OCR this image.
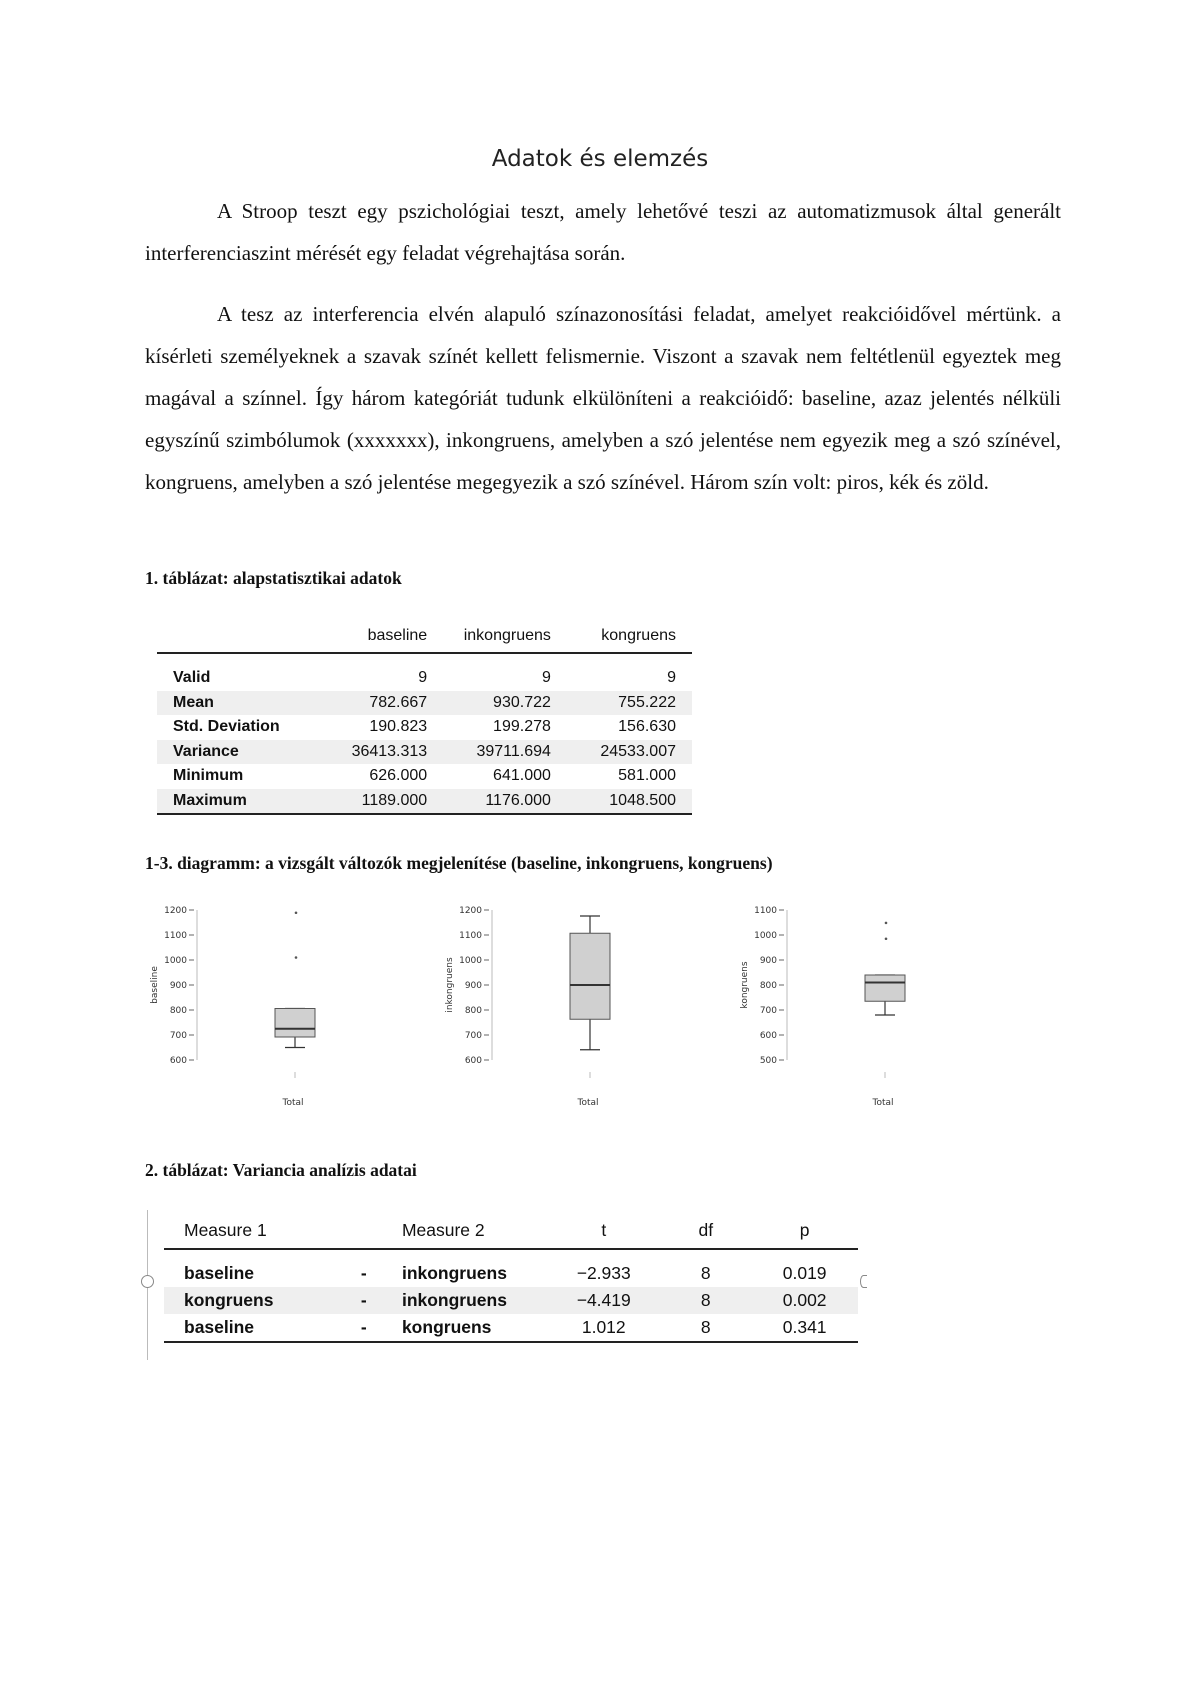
Adatok és elemzés

A Stroop teszt egy pszichológiai teszt, amely lehetővé teszi az automatizmusok által generált interferenciaszint mérését egy feladat végrehajtása során.

A tesz az interferencia elvén alapuló színazonosítási feladat, amelyet reakcióidővel mértünk. a kísérleti személyeknek a szavak színét kellett felismernie. Viszont a szavak nem feltétlenül egyeztek meg magával a színnel. Így három kategóriát tudunk elkülöníteni a reakcióidő: baseline, azaz jelentés nélküli egyszínű szimbólumok (xxxxxxx), inkongruens, amelyben a szó jelentése nem egyezik meg a szó színével, kongruens, amelyben a szó jelentése megegyezik a szó színével. Három szín volt: piros, kék és zöld.

1. táblázat: alapstatisztikai adatok

	baseline	inkongruens	kongruens

Valid	9	9	9
Mean	782.667	930.722	755.222
Std. Deviation	190.823	199.278	156.630
Variance	36413.313	39711.694	24533.007
Minimum	626.000	641.000	581.000
Maximum	1189.000	1176.000	1048.500

1-3. diagramm: a vizsgált változók megjelenítése (baseline, inkongruens, kongruens)

1200
1100
1000
900
800
700
600
baseline
Total
1200
1100
1000
900
800
700
600
inkongruens
Total
1100
1000
900
800
700
600
500
kongruens
Total

2. táblázat: Variancia analízis adatai

Measure 1		Measure 2	t	df	p

baseline	-	inkongruens	−2.933	8	0.019
kongruens	-	inkongruens	−4.419	8	0.002
baseline	-	kongruens	1.012	8	0.341
